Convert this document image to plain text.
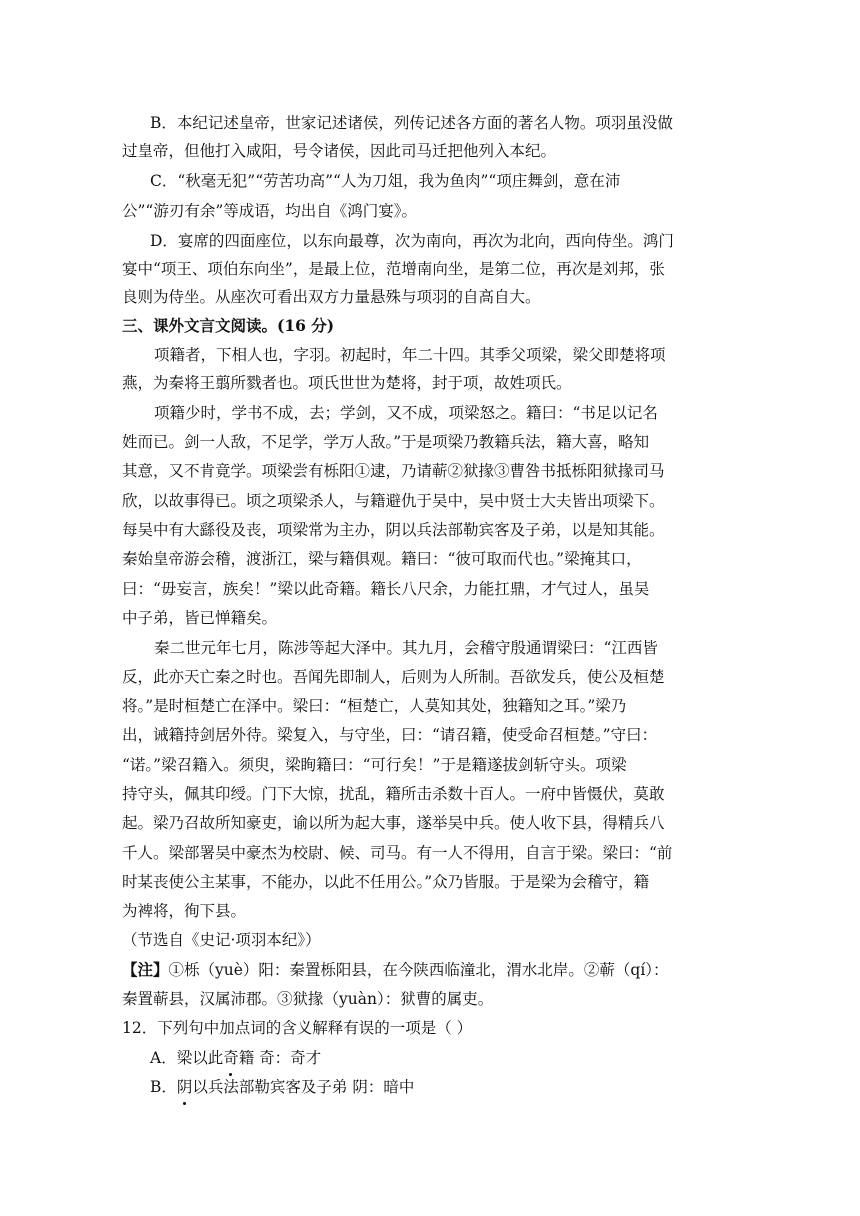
B．本纪记述皇帝，世家记述诸侯，列传记述各方面的著名人物。项羽虽没做
过皇帝，但他打入咸阳，号令诸侯，因此司马迁把他列入本纪。
C．“秋毫无犯”“劳苦功高”“人为刀俎，我为鱼肉”“项庄舞剑，意在沛
公”“游刃有余”等成语，均出自《鸿门宴》。
D．宴席的四面座位，以东向最尊，次为南向，再次为北向，西向侍坐。鸿门
宴中“项王、项伯东向坐”，是最上位，范增南向坐，是第二位，再次是刘邦，张
良则为侍坐。从座次可看出双方力量悬殊与项羽的自高自大。
三、课外文言文阅读。(16 分)
项籍者，下相人也，字羽。初起时，年二十四。其季父项梁，梁父即楚将项
燕，为秦将王翦所戮者也。项氏世世为楚将，封于项，故姓项氏。
项籍少时，学书不成，去；学剑，又不成，项梁怒之。籍曰：“书足以记名
姓而已。剑一人敌，不足学，学万人敌。”于是项梁乃教籍兵法，籍大喜，略知
其意，又不肯竟学。项梁尝有栎阳①逮，乃请蕲②狱掾③曹咎书抵栎阳狱掾司马
欣，以故事得已。顷之项梁杀人，与籍避仇于吴中，吴中贤士大夫皆出项梁下。
每吴中有大繇役及丧，项梁常为主办，阴以兵法部勒宾客及子弟，以是知其能。
秦始皇帝游会稽，渡浙江，梁与籍俱观。籍曰：“彼可取而代也。”梁掩其口，
曰：“毋妄言，族矣！”梁以此奇籍。籍长八尺余，力能扛鼎，才气过人，虽吴
中子弟，皆已惮籍矣。
秦二世元年七月，陈涉等起大泽中。其九月，会稽守殷通谓梁曰：“江西皆
反，此亦天亡秦之时也。吾闻先即制人，后则为人所制。吾欲发兵，使公及桓楚
将。”是时桓楚亡在泽中。梁曰：“桓楚亡，人莫知其处，独籍知之耳。”梁乃
出，诫籍持剑居外待。梁复入，与守坐，曰：“请召籍，使受命召桓楚。”守曰：
“诺。”梁召籍入。须臾，梁眴籍曰：“可行矣！”于是籍遂拔剑斩守头。项梁
持守头，佩其印绶。门下大惊，扰乱，籍所击杀数十百人。一府中皆慑伏，莫敢
起。梁乃召故所知豪吏，谕以所为起大事，遂举吴中兵。使人收下县，得精兵八
千人。梁部署吴中豪杰为校尉、候、司马。有一人不得用，自言于梁。梁曰：“前
时某丧使公主某事，不能办，以此不任用公。”众乃皆服。于是梁为会稽守，籍
为裨将，徇下县。
（节选自《史记·项羽本纪》）
【注】①栎（yuè）阳：秦置栎阳县，在今陕西临潼北，渭水北岸。②蕲（qí）：
秦置蕲县，汉属沛郡。③狱掾（yuàn）：狱曹的属吏。
12．下列句中加点词的含义解释有误的一项是（ ）
A．梁以此奇籍 奇：奇才
B．阴以兵法部勒宾客及子弟 阴：暗中
